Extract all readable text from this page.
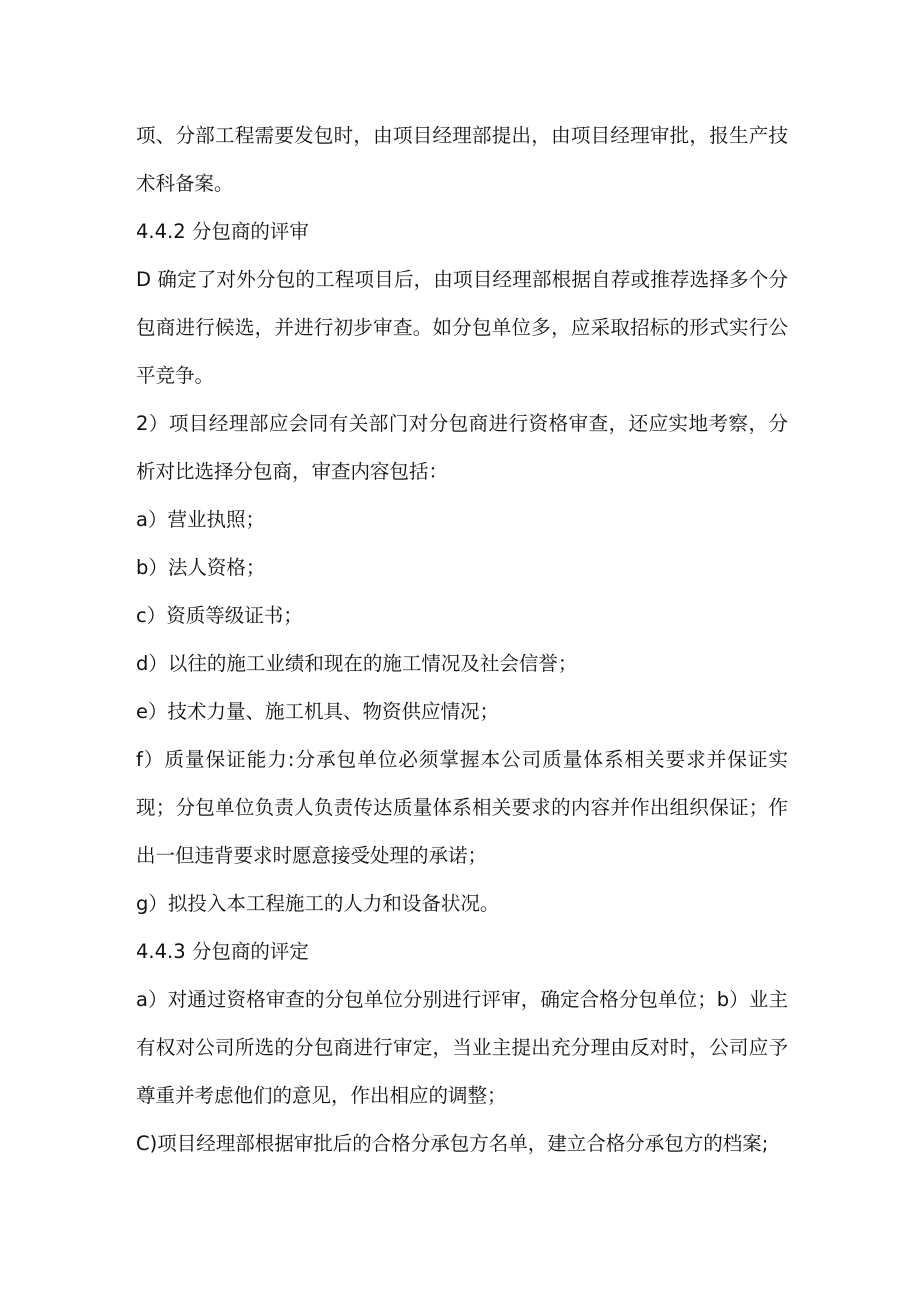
项、分部工程需要发包时，由项目经理部提出，由项目经理审批，报生产技术科备案。

4.4.2 分包商的评审

D 确定了对外分包的工程项目后，由项目经理部根据自荐或推荐选择多个分包商进行候选，并进行初步审查。如分包单位多，应采取招标的形式实行公平竞争。

2）项目经理部应会同有关部门对分包商进行资格审查，还应实地考察，分析对比选择分包商，审查内容包括：

a）营业执照；

b）法人资格；

c）资质等级证书；

d）以往的施工业绩和现在的施工情况及社会信誉；

e）技术力量、施工机具、物资供应情况；

f）质量保证能力:分承包单位必须掌握本公司质量体系相关要求并保证实现；分包单位负责人负责传达质量体系相关要求的内容并作出组织保证；作出一但违背要求时愿意接受处理的承诺；

g）拟投入本工程施工的人力和设备状况。

4.4.3 分包商的评定

a）对通过资格审查的分包单位分别进行评审，确定合格分包单位；b）业主有权对公司所选的分包商进行审定，当业主提出充分理由反对时，公司应予尊重并考虑他们的意见，作出相应的调整；

C)项目经理部根据审批后的合格分承包方名单，建立合格分承包方的档案;
